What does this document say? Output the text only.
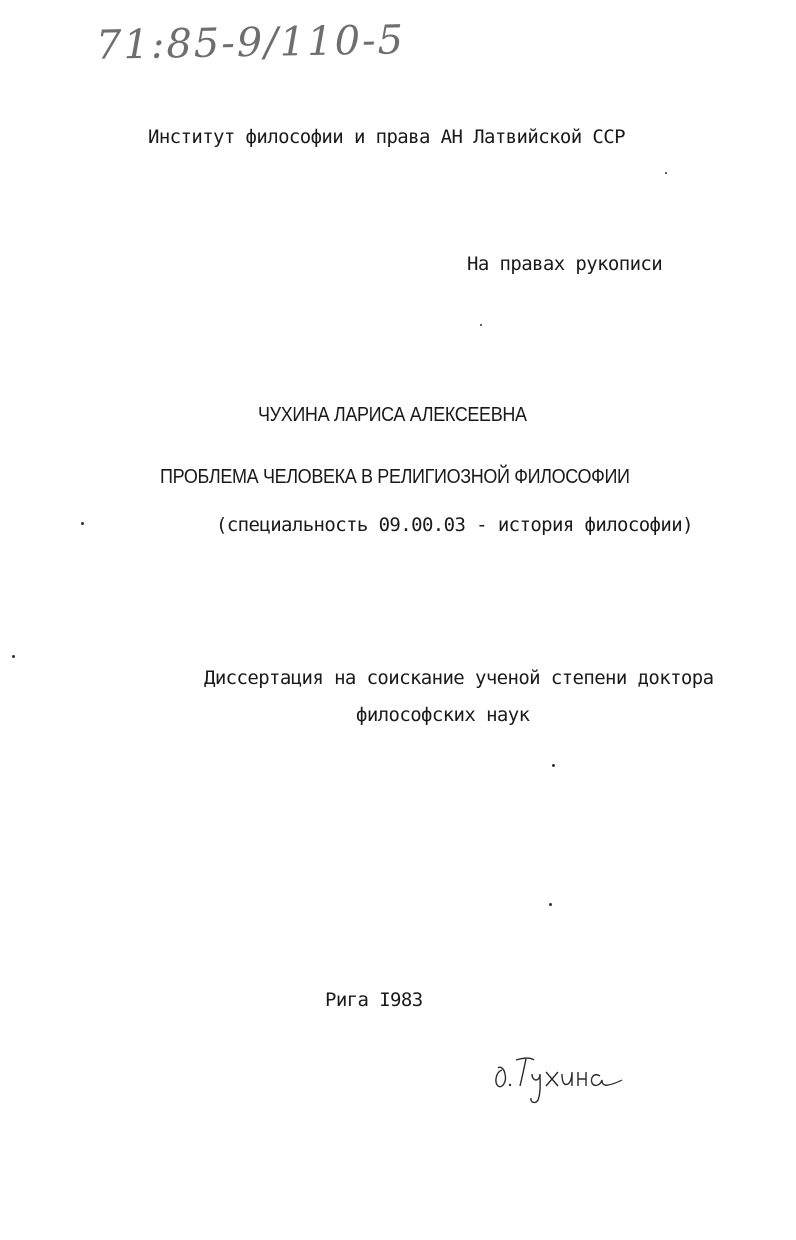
71:85-9/110-5
Институт философии и права АН Латвийской ССР
На правах рукописи
ЧУХИНА ЛАРИСА АЛЕКСЕЕВНА
ПРОБЛЕМА ЧЕЛОВЕКА В РЕЛИГИОЗНОЙ ФИЛОСОФИИ
(специальность 09.00.03 - история философии)
Диссертация на соискание ученой степени доктора
философских наук
Рига I983
